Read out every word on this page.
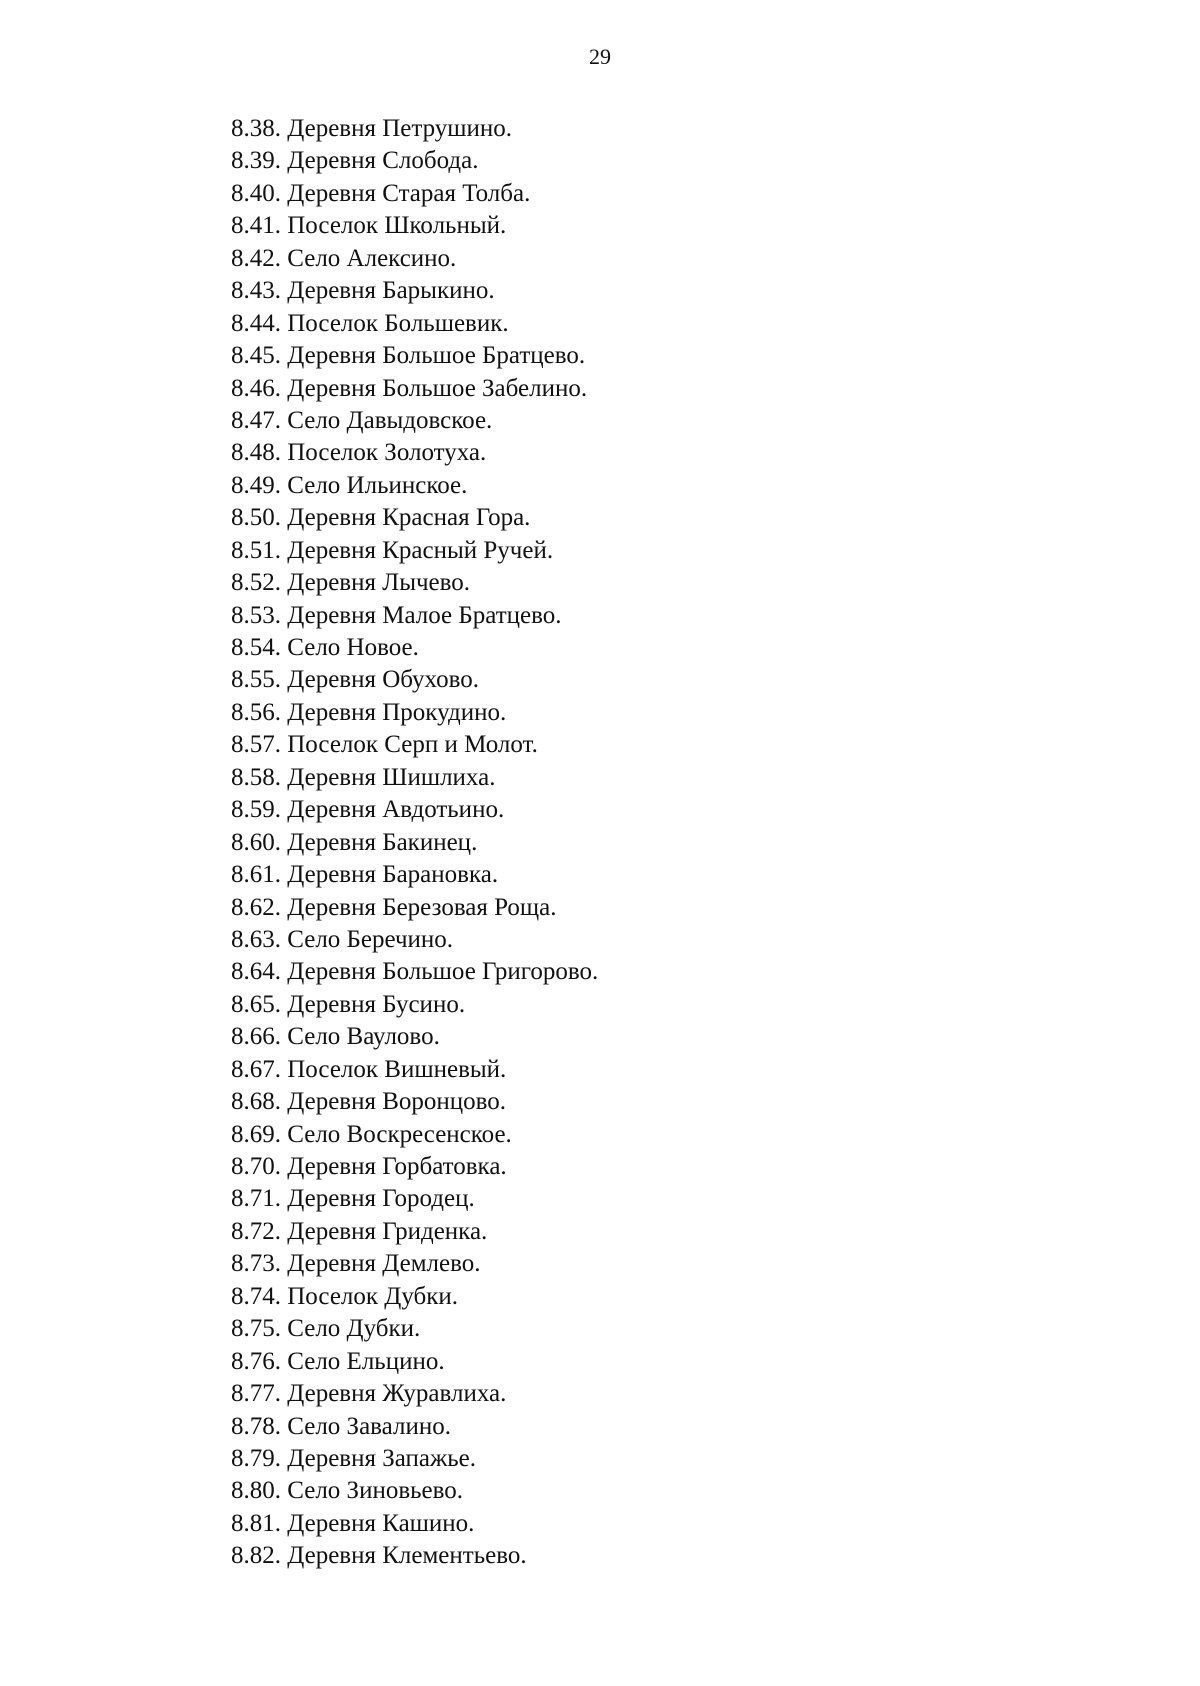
29
8.38. Деревня Петрушино.
8.39. Деревня Слобода.
8.40. Деревня Старая Толба.
8.41. Поселок Школьный.
8.42. Село Алексино.
8.43. Деревня Барыкино.
8.44. Поселок Большевик.
8.45. Деревня Большое Братцево.
8.46. Деревня Большое Забелино.
8.47. Село Давыдовское.
8.48. Поселок Золотуха.
8.49. Село Ильинское.
8.50. Деревня Красная Гора.
8.51. Деревня Красный Ручей.
8.52. Деревня Лычево.
8.53. Деревня Малое Братцево.
8.54. Село Новое.
8.55. Деревня Обухово.
8.56. Деревня Прокудино.
8.57. Поселок Серп и Молот.
8.58. Деревня Шишлиха.
8.59. Деревня Авдотьино.
8.60. Деревня Бакинец.
8.61. Деревня Барановка.
8.62. Деревня Березовая Роща.
8.63. Село Беречино.
8.64. Деревня Большое Григорово.
8.65. Деревня Бусино.
8.66. Село Ваулово.
8.67. Поселок Вишневый.
8.68. Деревня Воронцово.
8.69. Село Воскресенское.
8.70. Деревня Горбатовка.
8.71. Деревня Городец.
8.72. Деревня Гриденка.
8.73. Деревня Демлево.
8.74. Поселок Дубки.
8.75. Село Дубки.
8.76. Село Ельцино.
8.77. Деревня Журавлиха.
8.78. Село Завалино.
8.79. Деревня Запажье.
8.80. Село Зиновьево.
8.81. Деревня Кашино.
8.82. Деревня Клементьево.
